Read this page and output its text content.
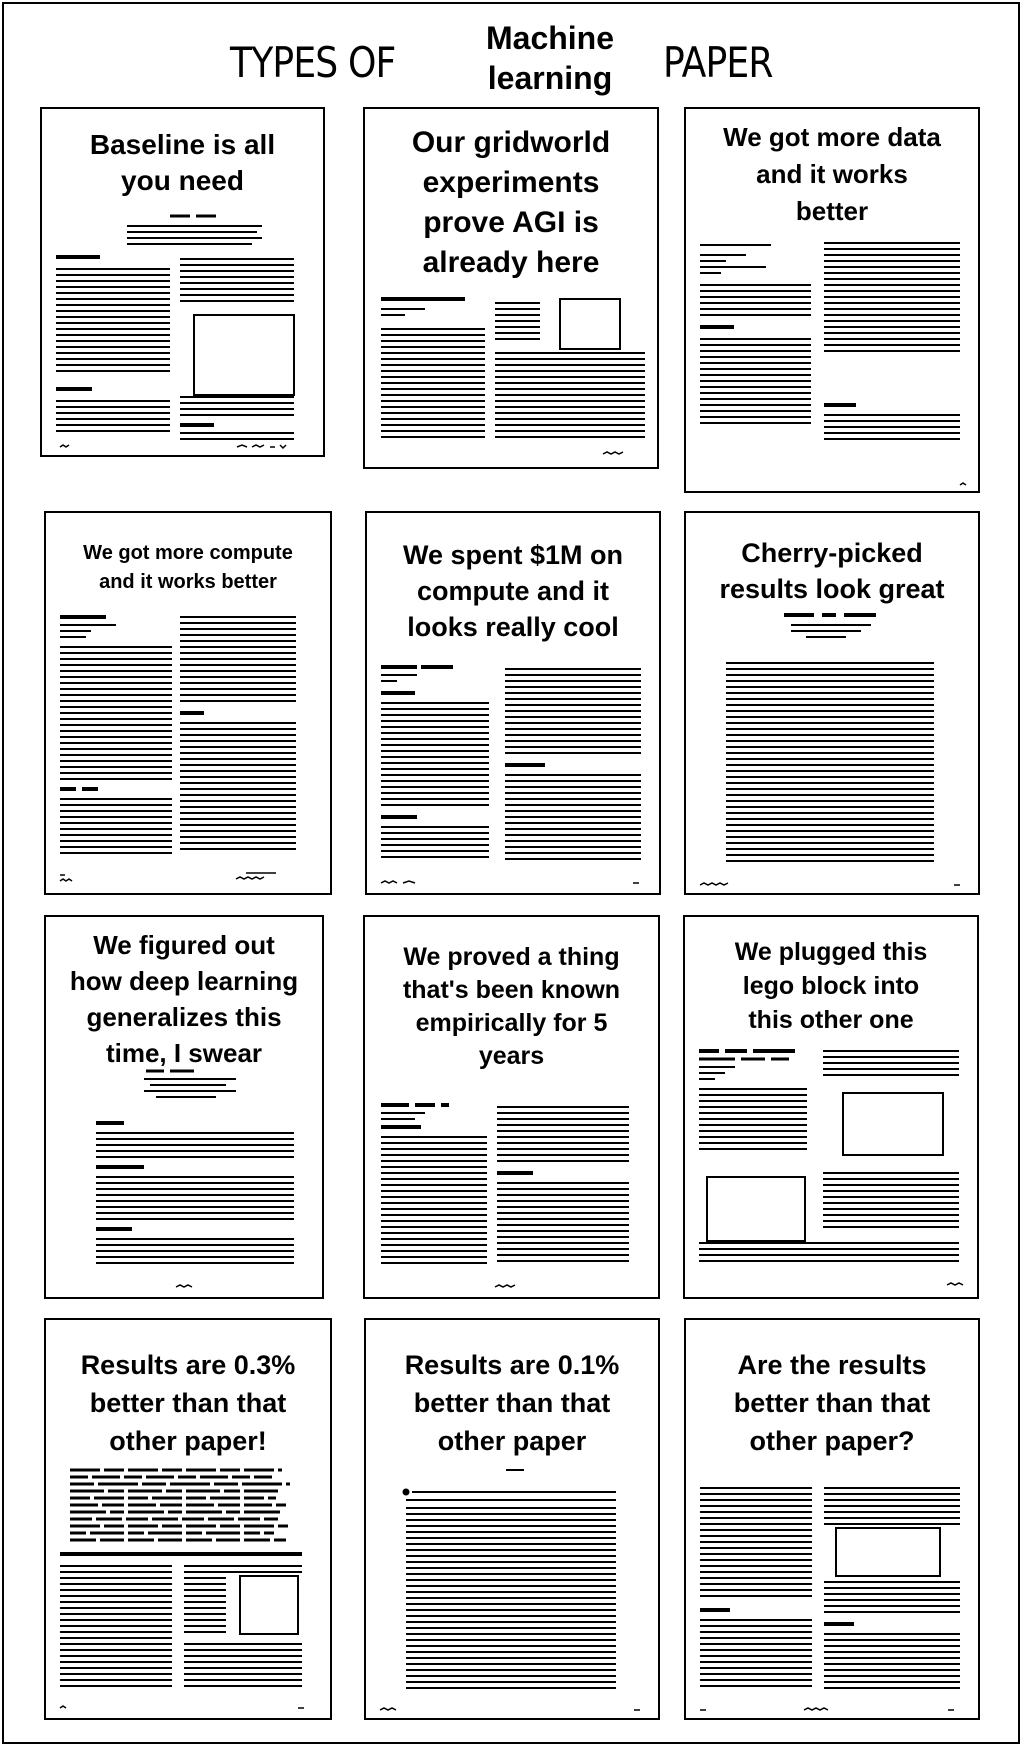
TYPES OF	Machine
learning	PAPER
Baseline is all
you need
Our gridworld
experiments
prove AGI is
already here
We got more data
and it works
better
We got more compute
and it works better
We spent $1M on
compute and it
looks really cool
Cherry-picked
results look great
We figured out
how deep learning
generalizes this
time, I swear
We proved a thing
that's been known
empirically for 5
years
We plugged this
lego block into
this other one
Results are 0.3%
better than that
other paper!
Results are 0.1%
better than that
other paper
Are the results
better than that
other paper?
